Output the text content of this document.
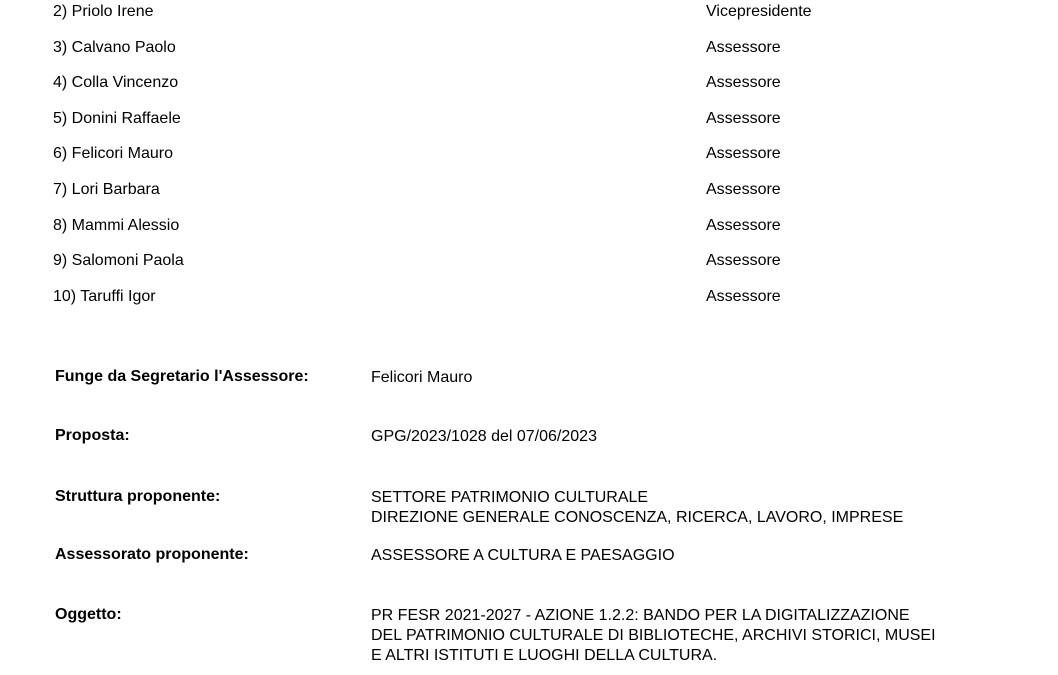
2) Priolo Irene	Vicepresidente
3) Calvano Paolo	Assessore
4) Colla Vincenzo	Assessore
5) Donini Raffaele	Assessore
6) Felicori Mauro	Assessore
7) Lori Barbara	Assessore
8) Mammi Alessio	Assessore
9) Salomoni Paola	Assessore
10) Taruffi Igor	Assessore
Funge da Segretario l'Assessore:	Felicori Mauro
Proposta:	GPG/2023/1028 del 07/06/2023
Struttura proponente:	SETTORE PATRIMONIO CULTURALE
DIREZIONE GENERALE CONOSCENZA, RICERCA, LAVORO, IMPRESE
Assessorato proponente:	ASSESSORE A CULTURA E PAESAGGIO
Oggetto:	PR FESR 2021-2027 - AZIONE 1.2.2: BANDO PER LA DIGITALIZZAZIONE
DEL PATRIMONIO CULTURALE DI BIBLIOTECHE, ARCHIVI STORICI, MUSEI
E ALTRI ISTITUTI E LUOGHI DELLA CULTURA.
